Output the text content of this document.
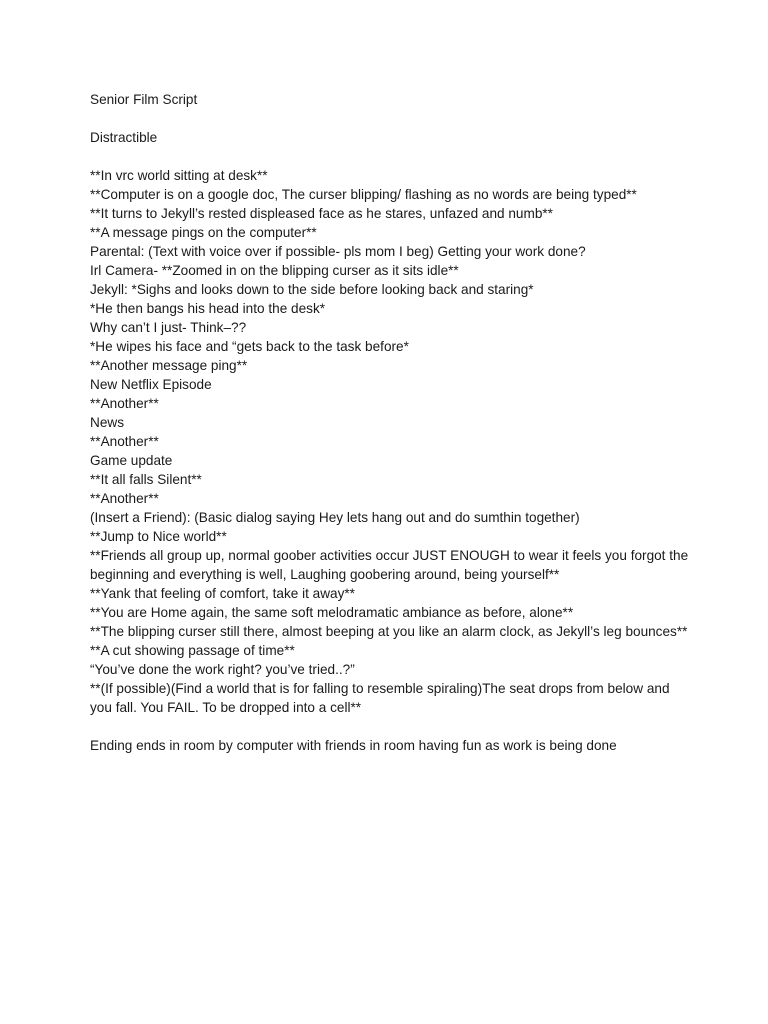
Senior Film Script

Distractible

**In vrc world sitting at desk**
**Computer is on a google doc, The curser blipping/ flashing as no words are being typed**
**It turns to Jekyll’s rested displeased face as he stares, unfazed and numb**
**A message pings on the computer**
Parental: (Text with voice over if possible- pls mom I beg) Getting your work done?
Irl Camera- **Zoomed in on the blipping curser as it sits idle**
Jekyll: *Sighs and looks down to the side before looking back and staring*
*He then bangs his head into the desk*
Why can’t I just- Think–??
*He wipes his face and “gets back to the task before*
**Another message ping**
New Netflix Episode
**Another**
News
**Another**
Game update
**It all falls Silent**
**Another**
(Insert a Friend): (Basic dialog saying Hey lets hang out and do sumthin together)
**Jump to Nice world**
**Friends all group up, normal goober activities occur JUST ENOUGH to wear it feels you forgot the beginning and everything is well, Laughing goobering around, being yourself**
**Yank that feeling of comfort, take it away**
**You are Home again, the same soft melodramatic ambiance as before, alone**
**The blipping curser still there, almost beeping at you like an alarm clock, as Jekyll’s leg bounces**
**A cut showing passage of time**
“You’ve done the work right? you’ve tried..?”
**(If possible)(Find a world that is for falling to resemble spiraling)The seat drops from below and you fall. You FAIL. To be dropped into a cell**

Ending ends in room by computer with friends in room having fun as work is being done
